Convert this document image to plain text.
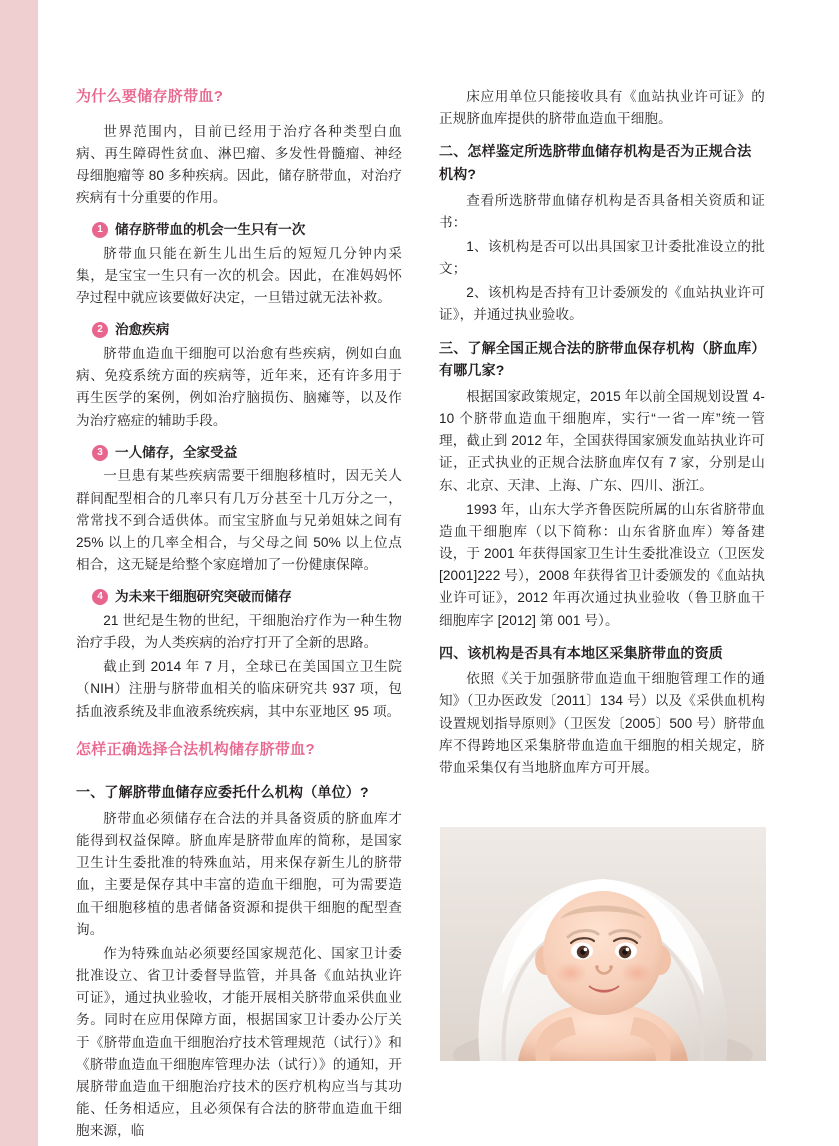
为什么要储存脐带血?

世界范围内，目前已经用于治疗各种类型白血病、再生障碍性贫血、淋巴瘤、多发性骨髓瘤、神经母细胞瘤等 80 多种疾病。因此，储存脐带血，对治疗疾病有十分重要的作用。

1 储存脐带血的机会一生只有一次

脐带血只能在新生儿出生后的短短几分钟内采集，是宝宝一生只有一次的机会。因此，在准妈妈怀孕过程中就应该要做好决定，一旦错过就无法补救。

2 治愈疾病

脐带血造血干细胞可以治愈有些疾病，例如白血病、免疫系统方面的疾病等，近年来，还有许多用于再生医学的案例，例如治疗脑损伤、脑瘫等，以及作为治疗癌症的辅助手段。

3 一人储存，全家受益

一旦患有某些疾病需要干细胞移植时，因无关人群间配型相合的几率只有几万分甚至十几万分之一，常常找不到合适供体。而宝宝脐血与兄弟姐妹之间有 25% 以上的几率全相合，与父母之间 50% 以上位点相合，这无疑是给整个家庭增加了一份健康保障。

4 为未来干细胞研究突破而储存

21 世纪是生物的世纪，干细胞治疗作为一种生物治疗手段，为人类疾病的治疗打开了全新的思路。

截止到 2014 年 7 月，全球已在美国国立卫生院（NIH）注册与脐带血相关的临床研究共 937 项，包括血液系统及非血液系统疾病，其中东亚地区 95 项。

怎样正确选择合法机构储存脐带血?
一、了解脐带血储存应委托什么机构（单位）?

脐带血必须储存在合法的并具备资质的脐血库才能得到权益保障。脐血库是脐带血库的简称，是国家卫生计生委批准的特殊血站，用来保存新生儿的脐带血，主要是保存其中丰富的造血干细胞，可为需要造血干细胞移植的患者储备资源和提供干细胞的配型查询。

作为特殊血站必须要经国家规范化、国家卫计委批准设立、省卫计委督导监管，并具备《血站执业许可证》，通过执业验收，才能开展相关脐带血采供血业务。同时在应用保障方面，根据国家卫计委办公厅关于《脐带血造血干细胞治疗技术管理规范（试行）》和《脐带血造血干细胞库管理办法（试行）》的通知，开展脐带血造血干细胞治疗技术的医疗机构应当与其功能、任务相适应，且必须保有合法的脐带血造血干细胞来源，临

床应用单位只能接收具有《血站执业许可证》的正规脐血库提供的脐带血造血干细胞。

二、怎样鉴定所选脐带血储存机构是否为正规合法机构?

查看所选脐带血储存机构是否具备相关资质和证书：

1、该机构是否可以出具国家卫计委批准设立的批文；

2、该机构是否持有卫计委颁发的《血站执业许可证》，并通过执业验收。

三、了解全国正规合法的脐带血保存机构（脐血库）有哪几家?

根据国家政策规定，2015 年以前全国规划设置 4-10 个脐带血造血干细胞库，实行“一省一库”统一管理，截止到 2012 年，全国获得国家颁发血站执业许可证，正式执业的正规合法脐血库仅有 7 家，分别是山东、北京、天津、上海、广东、四川、浙江。

1993 年，山东大学齐鲁医院所属的山东省脐带血造血干细胞库（以下简称：山东省脐血库）筹备建设，于 2001 年获得国家卫生计生委批准设立（卫医发 [2001]222 号），2008 年获得省卫计委颁发的《血站执业许可证》，2012 年再次通过执业验收（鲁卫脐血干细胞库字 [2012] 第 001 号）。

四、该机构是否具有本地区采集脐带血的资质

依照《关于加强脐带血造血干细胞管理工作的通知》（卫办医政发〔2011〕134 号）以及《采供血机构设置规划指导原则》（卫医发〔2005〕500 号）脐带血库不得跨地区采集脐带血造血干细胞的相关规定，脐带血采集仅有当地脐血库方可开展。
